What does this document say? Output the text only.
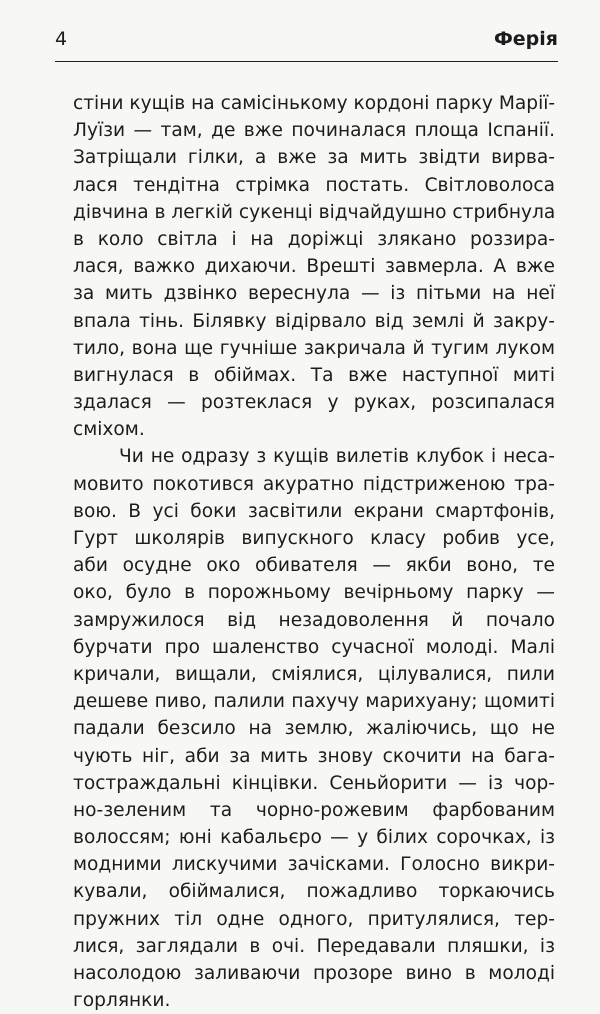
4	Ферія
стіни кущів на самісінькому кордоні парку Марії-
Луїзи — там, де вже починалася площа Іспанії.
Затріщали гілки, а вже за мить звідти вирва-
лася тендітна стрімка постать. Світловолоса
дівчина в легкій сукенці відчайдушно стрибнула
в коло світла і на доріжці злякано роззира-
лася, важко дихаючи. Врешті завмерла. А вже
за мить дзвінко вереснула — із пітьми на неї
впала тінь. Білявку відірвало від землі й закру-
тило, вона ще гучніше закричала й тугим луком
вигнулася в обіймах. Та вже наступної миті
здалася — розтеклася у руках, розсипалася
сміхом.
Чи не одразу з кущів вилетів клубок і неса-
мовито покотився акуратно підстриженою тра-
вою. В усі боки засвітили екрани смартфонів,
Гурт школярів випускного класу робив усе,
аби осудне око обивателя — якби воно, те
око, було в порожньому вечірньому парку —
замружилося від незадоволення й почало
бурчати про шаленство сучасної молоді. Малі
кричали, вищали, сміялися, цілувалися, пили
дешеве пиво, палили пахучу марихуану; щомиті
падали безсило на землю, жаліючись, що не
чують ніг, аби за мить знову скочити на бага-
тостраждальні кінцівки. Сеньйорити — із чор-
но-зеленим та чорно-рожевим фарбованим
волоссям; юні кабальєро — у білих сорочках, із
модними лискучими зачісками. Голосно викри-
кували, обіймалися, пожадливо торкаючись
пружних тіл одне одного, притулялися, тер-
лися, заглядали в очі. Передавали пляшки, із
насолодою заливаючи прозоре вино в молоді
горлянки.
